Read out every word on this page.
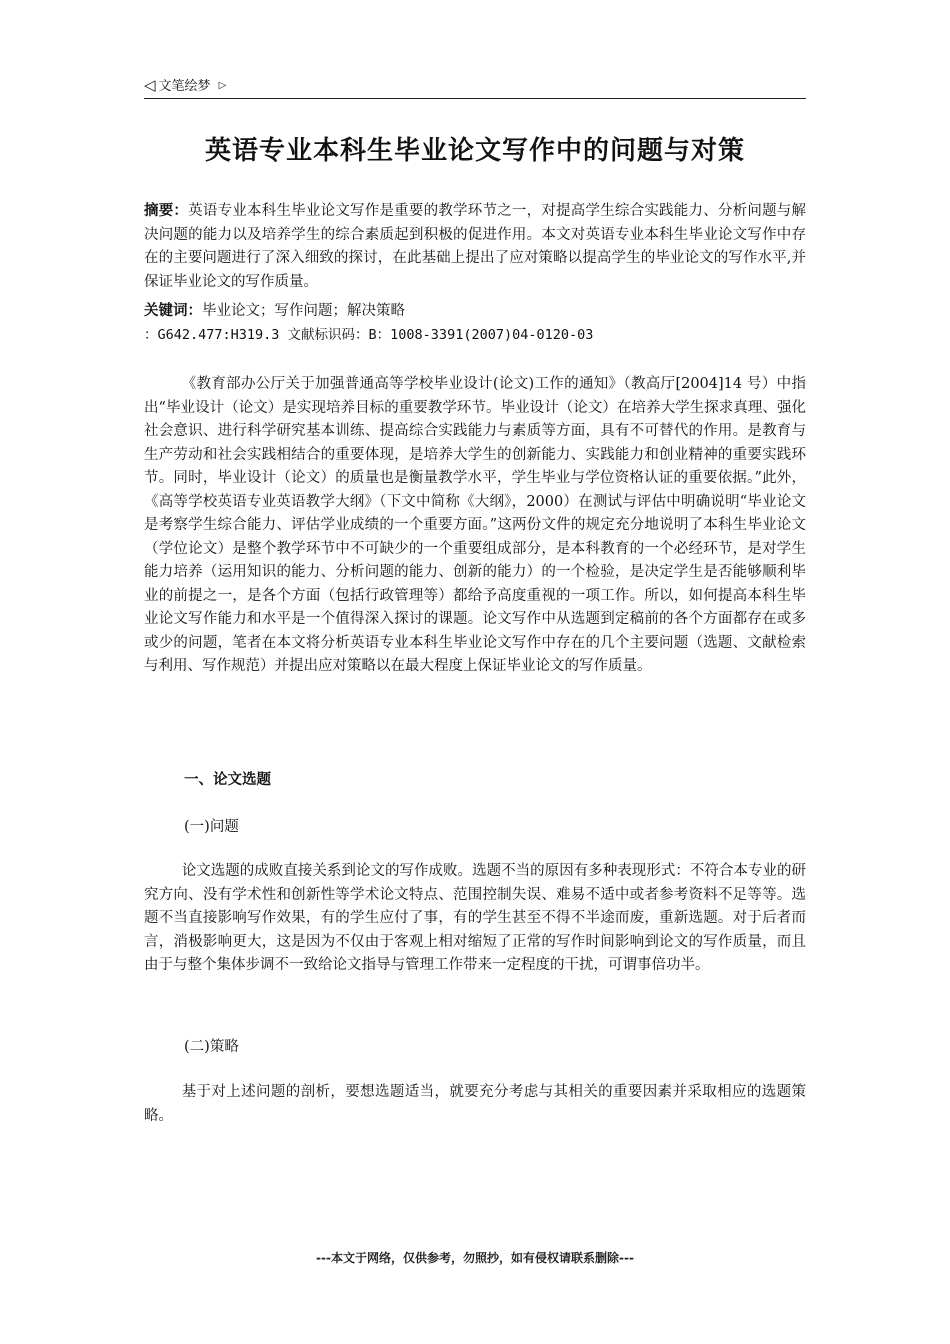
◁ 文笔绘梦 ▷
英语专业本科生毕业论文写作中的问题与对策
摘要：英语专业本科生毕业论文写作是重要的教学环节之一，对提高学生综合实践能力、分析问题与解决问题的能力以及培养学生的综合素质起到积极的促进作用。本文对英语专业本科生毕业论文写作中存在的主要问题进行了深入细致的探讨，在此基础上提出了应对策略以提高学生的毕业论文的写作水平,并保证毕业论文的写作质量。
关键词：毕业论文；写作问题；解决策略
：G642.477:H319.3 文献标识码：B：1008-3391(2007)04-0120-03
《教育部办公厅关于加强普通高等学校毕业设计(论文)工作的通知》（教高厅[2004]14 号）中指出“毕业设计（论文）是实现培养目标的重要教学环节。毕业设计（论文）在培养大学生探求真理、强化社会意识、进行科学研究基本训练、提高综合实践能力与素质等方面，具有不可替代的作用。是教育与生产劳动和社会实践相结合的重要体现，是培养大学生的创新能力、实践能力和创业精神的重要实践环节。同时，毕业设计（论文）的质量也是衡量教学水平，学生毕业与学位资格认证的重要依据。”此外，《高等学校英语专业英语教学大纲》（下文中简称《大纲》，2000）在测试与评估中明确说明“毕业论文是考察学生综合能力、评估学业成绩的一个重要方面。”这两份文件的规定充分地说明了本科生毕业论文（学位论文）是整个教学环节中不可缺少的一个重要组成部分，是本科教育的一个必经环节，是对学生能力培养（运用知识的能力、分析问题的能力、创新的能力）的一个检验，是决定学生是否能够顺利毕业的前提之一，是各个方面（包括行政管理等）都给予高度重视的一项工作。所以，如何提高本科生毕业论文写作能力和水平是一个值得深入探讨的课题。论文写作中从选题到定稿前的各个方面都存在或多或少的问题，笔者在本文将分析英语专业本科生毕业论文写作中存在的几个主要问题（选题、文献检索与利用、写作规范）并提出应对策略以在最大程度上保证毕业论文的写作质量。
一、论文选题
(一)问题
论文选题的成败直接关系到论文的写作成败。选题不当的原因有多种表现形式：不符合本专业的研究方向、没有学术性和创新性等学术论文特点、范围控制失误、难易不适中或者参考资料不足等等。选题不当直接影响写作效果，有的学生应付了事，有的学生甚至不得不半途而废，重新选题。对于后者而言，消极影响更大，这是因为不仅由于客观上相对缩短了正常的写作时间影响到论文的写作质量，而且由于与整个集体步调不一致给论文指导与管理工作带来一定程度的干扰，可谓事倍功半。
(二)策略
基于对上述问题的剖析，要想选题适当，就要充分考虑与其相关的重要因素并采取相应的选题策略。
---本文于网络，仅供参考，勿照抄，如有侵权请联系删除---
